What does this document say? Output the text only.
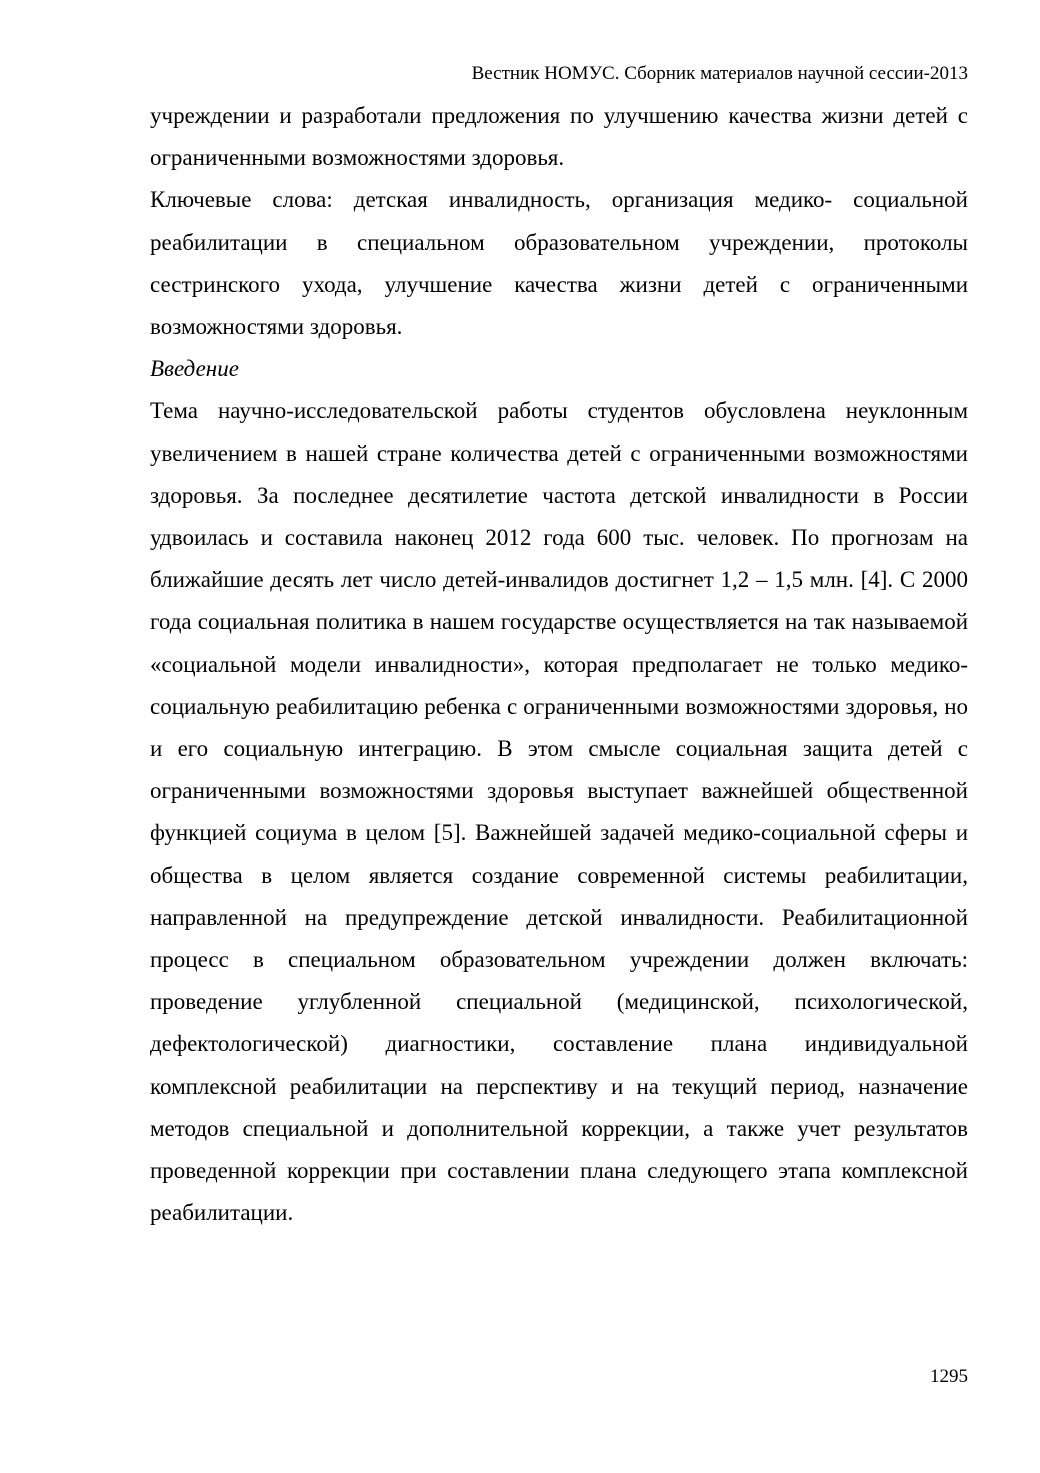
Вестник НОМУС. Сборник материалов научной сессии-2013

учреждении и разработали предложения по улучшению качества жизни детей с ограниченными возможностями здоровья.

Ключевые слова: детская инвалидность, организация медико- социальной реабилитации в специальном образовательном учреждении, протоколы сестринского ухода, улучшение качества жизни детей с ограниченными возможностями здоровья.

Введение

Тема научно-исследовательской работы студентов обусловлена неуклонным увеличением в нашей стране количества детей с ограниченными возможностями здоровья. За последнее десятилетие частота детской инвалидности в России удвоилась и составила наконец 2012 года 600 тыс. человек. По прогнозам на ближайшие десять лет число детей-инвалидов достигнет 1,2 – 1,5 млн. [4]. С 2000 года социальная политика в нашем государстве осуществляется на так называемой «социальной модели инвалидности», которая предполагает не только медико- социальную реабилитацию ребенка с ограниченными возможностями здоровья, но и его социальную интеграцию. В этом смысле социальная защита детей с ограниченными возможностями здоровья выступает важнейшей общественной функцией социума в целом [5]. Важнейшей задачей медико-социальной сферы и общества в целом является создание современной системы реабилитации, направленной на предупреждение детской инвалидности. Реабилитационной процесс в специальном образовательном учреждении должен включать: проведение углубленной специальной (медицинской, психологической, дефектологической) диагностики, составление плана индивидуальной комплексной реабилитации на перспективу и на текущий период, назначение методов специальной и дополнительной коррекции, а также учет результатов проведенной коррекции при составлении плана следующего этапа комплексной реабилитации.

1295
